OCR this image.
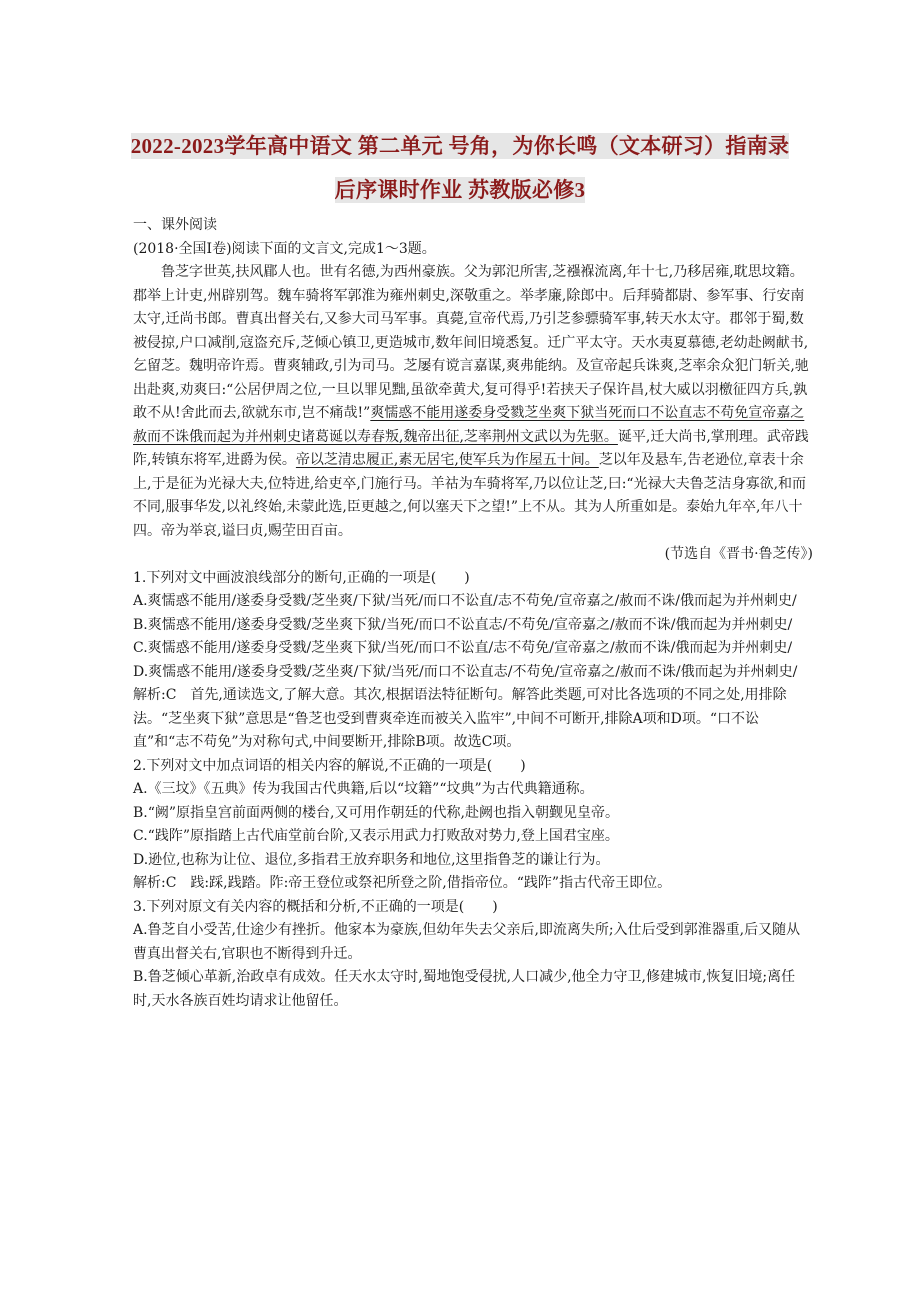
2022-2023学年高中语文 第二单元 号角，为你长鸣（文本研习）指南录
后序课时作业 苏教版必修3

一、课外阅读

(2018·全国Ⅰ卷)阅读下面的文言文,完成1～3题。

鲁芝字世英,扶风郿人也。世有名德,为西州豪族。父为郭氾所害,芝襁褓流离,年十七,乃移居雍,耽思坟籍。郡举上计吏,州辟别驾。魏车骑将军郭淮为雍州刺史,深敬重之。举孝廉,除郎中。后拜骑都尉、参军事、行安南太守,迁尚书郎。曹真出督关右,又参大司马军事。真薨,宣帝代焉,乃引芝参骠骑军事,转天水太守。郡邻于蜀,数被侵掠,户口减削,寇盗充斥,芝倾心镇卫,更造城市,数年间旧境悉复。迁广平太守。天水夷夏慕德,老幼赴阙献书,乞留芝。魏明帝许焉。曹爽辅政,引为司马。芝屡有谠言嘉谋,爽弗能纳。及宣帝起兵诛爽,芝率余众犯门斩关,驰出赴爽,劝爽曰:“公居伊周之位,一旦以罪见黜,虽欲牵黄犬,复可得乎!若挟天子保许昌,杖大威以羽檄征四方兵,孰敢不从!舍此而去,欲就东市,岂不痛哉!”爽懦惑不能用遂委身受戮芝坐爽下狱当死而口不讼直志不苟免宣帝嘉之赦而不诛俄而起为并州刺史诸葛诞以寿春叛,魏帝出征,芝率荆州文武以为先驱。诞平,迁大尚书,掌刑理。武帝践阼,转镇东将军,进爵为侯。帝以芝清忠履正,素无居宅,使军兵为作屋五十间。芝以年及悬车,告老逊位,章表十余上,于是征为光禄大夫,位特进,给吏卒,门施行马。羊祜为车骑将军,乃以位让芝,曰:“光禄大夫鲁芝洁身寡欲,和而不同,服事华发,以礼终始,未蒙此选,臣更越之,何以塞天下之望!”上不从。其为人所重如是。泰始九年卒,年八十四。帝为举哀,谥曰贞,赐茔田百亩。

(节选自《晋书·鲁芝传》)

1.下列对文中画波浪线部分的断句,正确的一项是(　　)

A.爽懦惑不能用/遂委身受戮/芝坐爽/下狱/当死/而口不讼直/志不苟免/宣帝嘉之/赦而不诛/俄而起为并州刺史/

B.爽懦惑不能用/遂委身受戮/芝坐爽下狱/当死/而口不讼直志/不苟免/宣帝嘉之/赦而不诛/俄而起为并州刺史/

C.爽懦惑不能用/遂委身受戮/芝坐爽下狱/当死/而口不讼直/志不苟免/宣帝嘉之/赦而不诛/俄而起为并州刺史/

D.爽懦惑不能用/遂委身受戮/芝坐爽/下狱/当死/而口不讼直志/不苟免/宣帝嘉之/赦而不诛/俄而起为并州刺史/

解析:C　首先,通读选文,了解大意。其次,根据语法特征断句。解答此类题,可对比各选项的不同之处,用排除法。“芝坐爽下狱”意思是“鲁芝也受到曹爽牵连而被关入监牢”,中间不可断开,排除A项和D项。“口不讼直”和“志不苟免”为对称句式,中间要断开,排除B项。故选C项。

2.下列对文中加点词语的相关内容的解说,不正确的一项是(　　)

A.《三坟》《五典》传为我国古代典籍,后以“坟籍”“坟典”为古代典籍通称。

B.“阙”原指皇宫前面两侧的楼台,又可用作朝廷的代称,赴阙也指入朝觐见皇帝。

C.“践阼”原指踏上古代庙堂前台阶,又表示用武力打败敌对势力,登上国君宝座。

D.逊位,也称为让位、退位,多指君王放弃职务和地位,这里指鲁芝的谦让行为。

解析:C　践:踩,践踏。阼:帝王登位或祭祀所登之阶,借指帝位。“践阼”指古代帝王即位。

3.下列对原文有关内容的概括和分析,不正确的一项是(　　)

A.鲁芝自小受苦,仕途少有挫折。他家本为豪族,但幼年失去父亲后,即流离失所;入仕后受到郭淮器重,后又随从曹真出督关右,官职也不断得到升迁。

B.鲁芝倾心革新,治政卓有成效。任天水太守时,蜀地饱受侵扰,人口减少,他全力守卫,修建城市,恢复旧境;离任时,天水各族百姓均请求让他留任。
